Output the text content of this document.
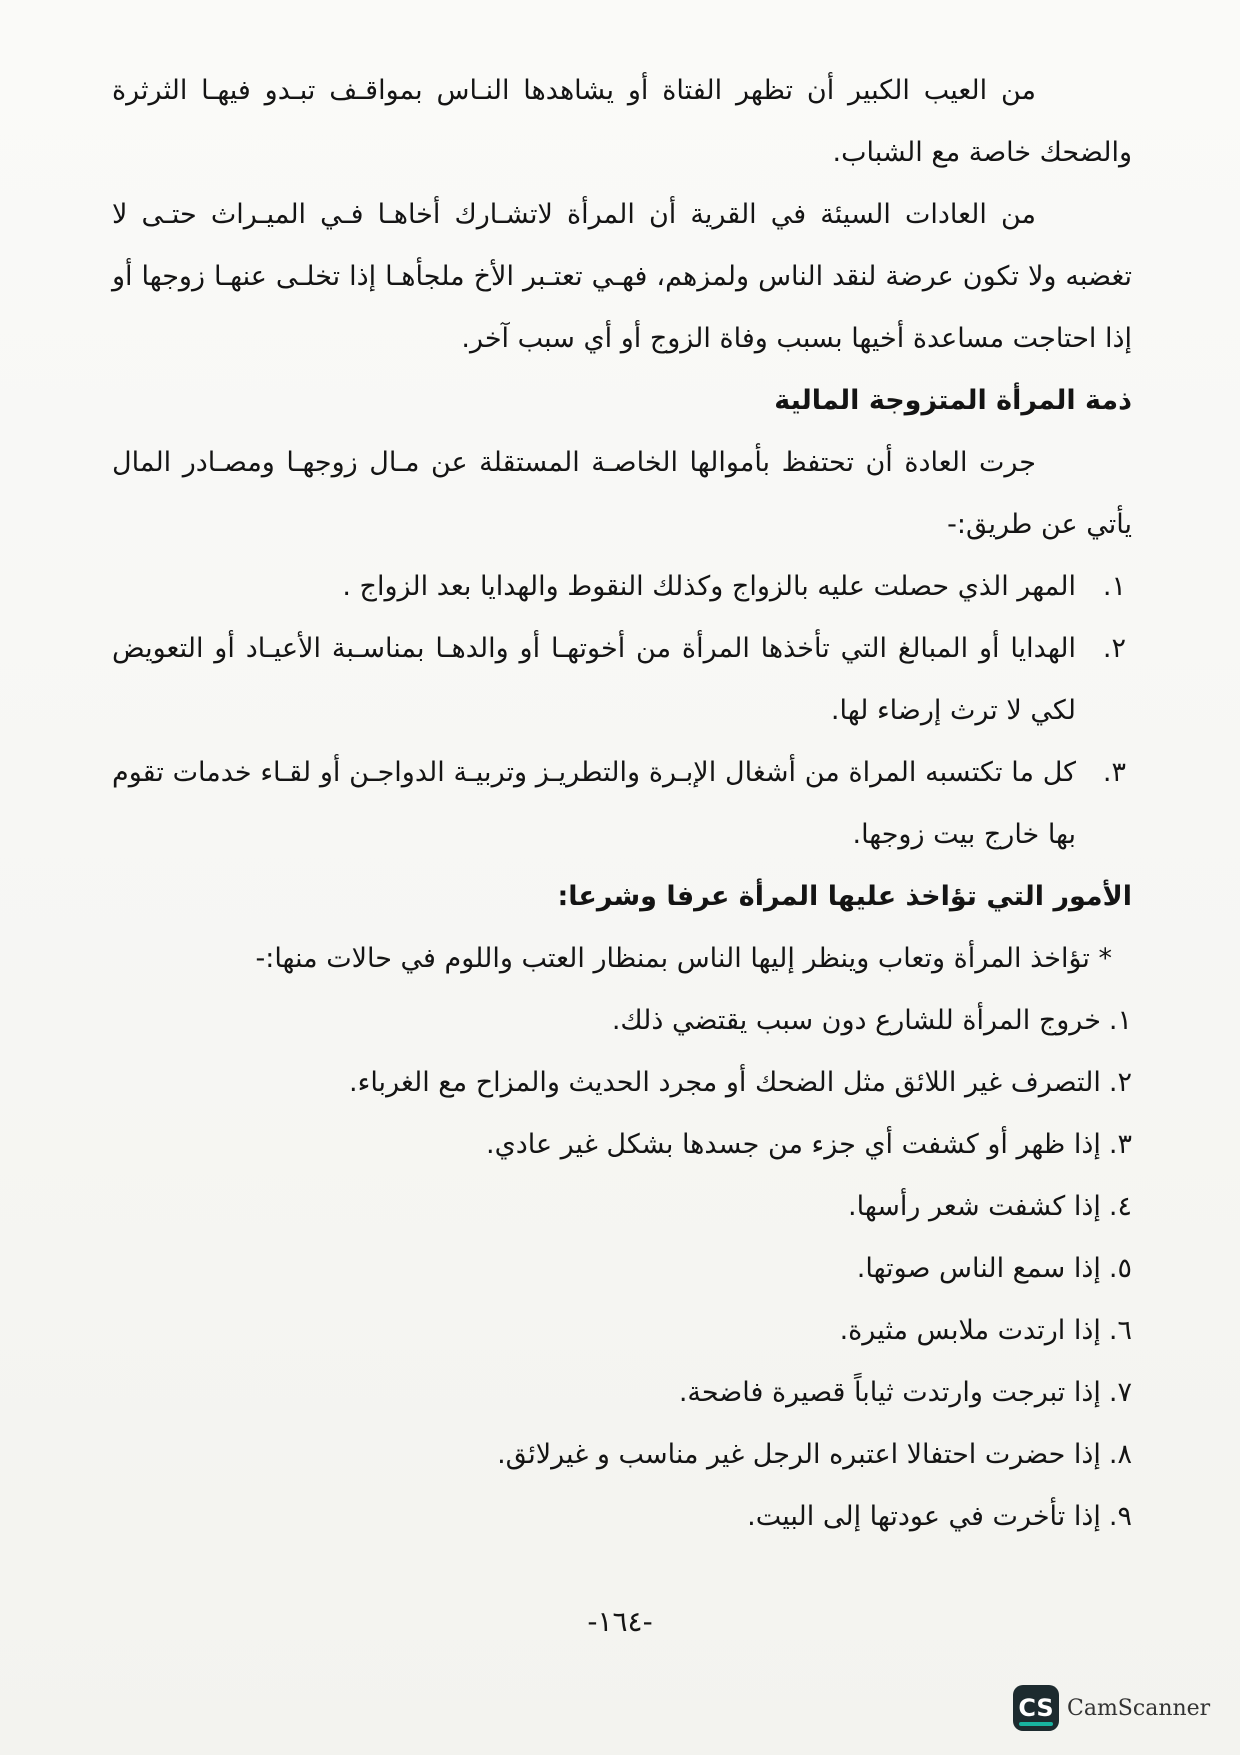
من العيب الكبير أن تظهر الفتاة أو يشاهدها النـاس بمواقـف تبـدو فيهـا الثرثرة والضحك خاصة مع الشباب.

من العادات السيئة في القرية أن المرأة لاتشـارك أخاهـا فـي الميـراث حتـى لا تغضبه ولا تكون عرضة لنقد الناس ولمزهم، فهـي تعتـبر الأخ ملجأهـا إذا تخلـى عنهـا زوجها أو إذا احتاجت مساعدة أخيها بسبب وفاة الزوج أو أي سبب آخر.

ذمة المرأة المتزوجة المالية

جرت العادة أن تحتفظ بأموالها الخاصـة المستقلة عن مـال زوجهـا ومصـادر المال يأتي عن طريق:-

١.
المهر الذي حصلت عليه بالزواج وكذلك النقوط والهدايا بعد الزواج .
٢.
الهدايا أو المبالغ التي تأخذها المرأة من أخوتهـا أو والدهـا بمناسـبة الأعيـاد أو التعويض لكي لا ترث إرضاء لها.
٣.
كل ما تكتسبه المراة من أشغال الإبـرة والتطريـز وتربيـة الدواجـن أو لقـاء خدمات تقوم بها خارج بيت زوجها.

الأمور التي تؤاخذ عليها المرأة عرفا وشرعا:

* تؤاخذ المرأة وتعاب وينظر إليها الناس بمنظار العتب واللوم في حالات منها:-

١.خروج المرأة للشارع دون سبب يقتضي ذلك.
٢.التصرف غير اللائق مثل الضحك أو مجرد الحديث والمزاح مع الغرباء.
٣.إذا ظهر أو كشفت أي جزء من جسدها بشكل غير عادي.
٤.إذا كشفت شعر رأسها.
٥.إذا سمع الناس صوتها.
٦.إذا ارتدت ملابس مثيرة.
٧.إذا تبرجت وارتدت ثياباً قصيرة فاضحة.
٨.إذا حضرت احتفالا اعتبره الرجل غير مناسب و غيرلائق.
٩.إذا تأخرت في عودتها إلى البيت.
-١٦٤-
CS CamScanner
